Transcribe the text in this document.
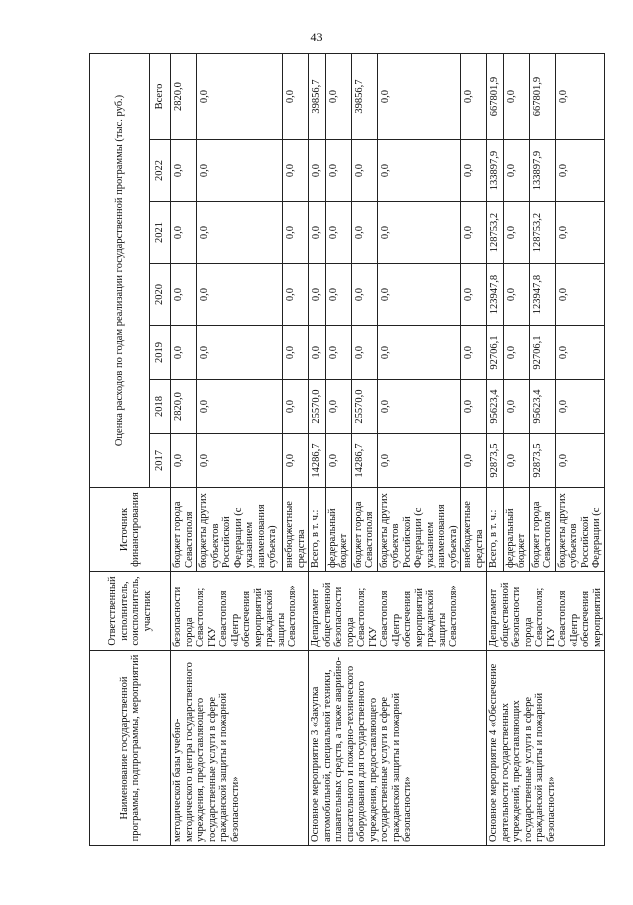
43
Наименование государственной программы, подпрограммы, мероприятий	Ответственный исполнитель, соисполнитель, участник	Источник финансирования	Оценка расходов по годам реализации государственной программы (тыс. руб.)						
			2017	2018	2019	2020	2021	2022	Всего
методической базы учебно-методического центра государственного учреждения, предоставляющего государственные услуги в сфере гражданской защиты и пожарной безопасности»	безопасности города Севастополя; ГКУ Севастополя «Центр обеспечения мероприятий гражданской защиты Севастополя»	бюджет города Севастополя	0,0	2820,0	0,0	0,0	0,0	0,0	2820,0
		бюджеты других субъектов Российской Федерации (с указанием наименования субъекта)	0,0	0,0	0,0	0,0	0,0	0,0	0,0
		внебюджетные средства	0,0	0,0	0,0	0,0	0,0	0,0	0,0
Основное мероприятие 3 «Закупка автомобильной, специальной техники, плавательных средств, а также аварийно-спасательного и пожарно-технического оборудования для государственного учреждения, предоставляющего государственные услуги в сфере гражданской защиты и пожарной безопасности»	Департамент общественной безопасности города Севастополя; ГКУ Севастополя «Центр обеспечения мероприятий гражданской защиты Севастополя»	Всего, в т. ч.:	14286,7	25570,0	0,0	0,0	0,0	0,0	39856,7
		федеральный бюджет	0,0	0,0	0,0	0,0	0,0	0,0	0,0
		бюджет города Севастополя	14286,7	25570,0	0,0	0,0	0,0	0,0	39856,7
		бюджеты других субъектов Российской Федерации (с указанием наименования субъекта)	0,0	0,0	0,0	0,0	0,0	0,0	0,0
		внебюджетные средства	0,0	0,0	0,0	0,0	0,0	0,0	0,0
Основное мероприятие 4 «Обеспечение деятельности государственных учреждений, предоставляющих государственные услуги в сфере гражданской защиты и пожарной безопасности»	Департамент общественной безопасности города Севастополя; ГКУ Севастополя «Центр обеспечения мероприятий	Всего, в т. ч.:	92873,5	95623,4	92706,1	123947,8	128753,2	133897,9	667801,9
		федеральный бюджет	0,0	0,0	0,0	0,0	0,0	0,0	0,0
		бюджет города Севастополя	92873,5	95623,4	92706,1	123947,8	128753,2	133897,9	667801,9
		бюджеты других субъектов Российской Федерации (с	0,0	0,0	0,0	0,0	0,0	0,0	0,0
